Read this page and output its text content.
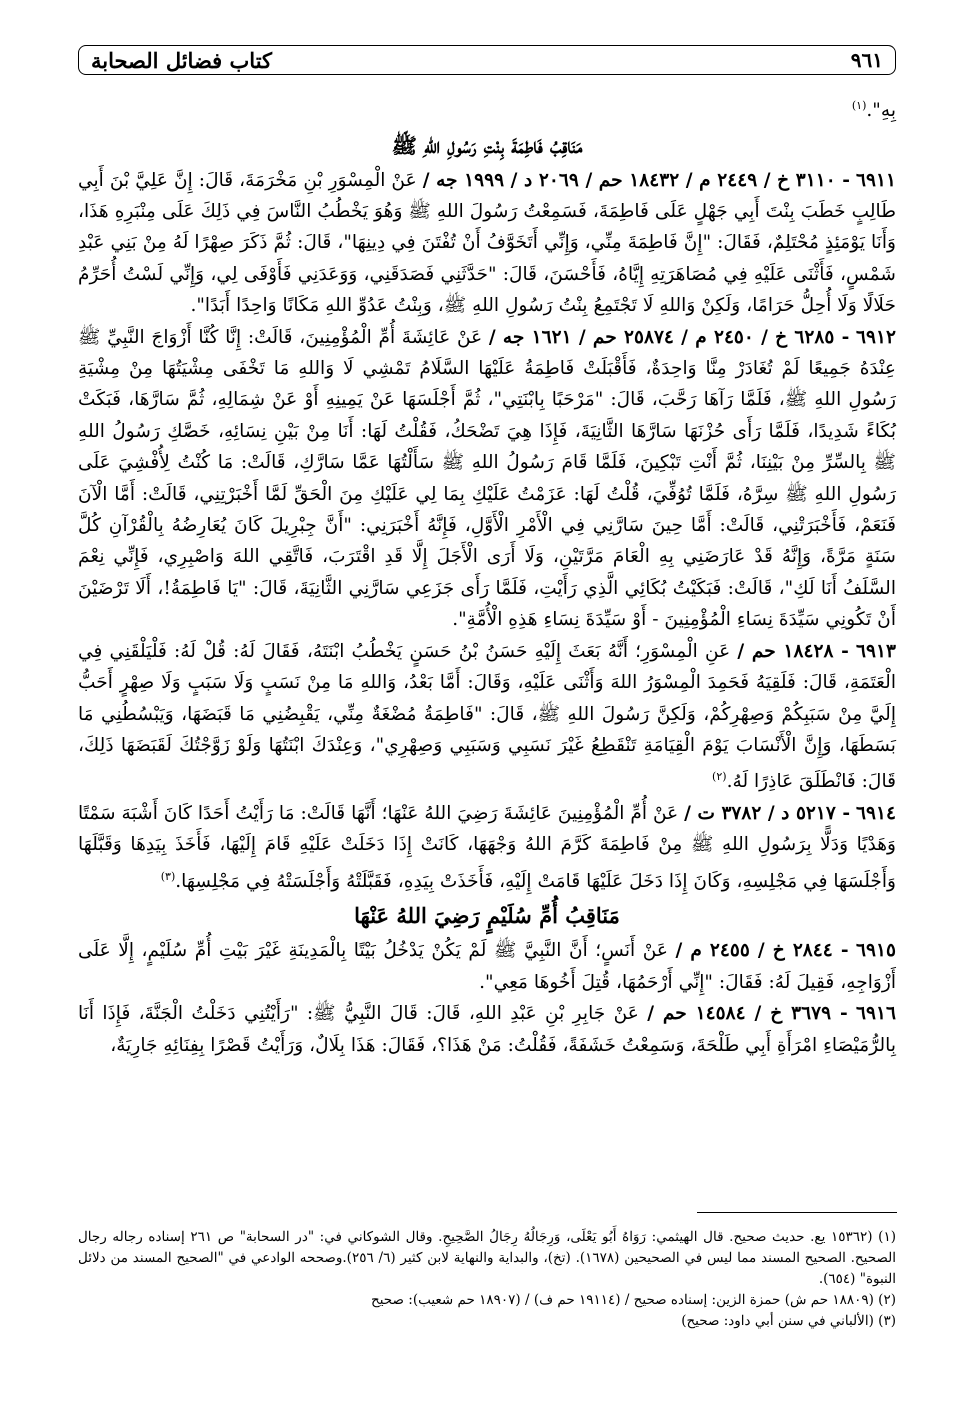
كتاب فضائل الصحابة	٩٦١

بِهِ".$^{(١)}$

مَنَاقِبُ فَاطِمَةَ بِنْتِ رَسُولِ اللهِ ﷺ

٦٩١١ - ٣١١٠ خ / ٢٤٤٩ م / ١٨٤٣٢ حم / ٢٠٦٩ د / ١٩٩٩ جه / عَنْ الْمِسْوَرِ بْنِ مَخْرَمَةَ، قَالَ: إِنَّ عَلِيَّ بْنَ أَبِي طَالِبٍ خَطَبَ بِنْتَ أَبِي جَهْلٍ عَلَى فَاطِمَةَ، فَسَمِعْتُ رَسُولَ اللهِ ﷺ وَهُوَ يَخْطُبُ النَّاسَ فِي ذَلِكَ عَلَى مِنْبَرِهِ هَذَا، وَأَنَا يَوْمَئِذٍ مُحْتَلِمٌ، فَقَالَ: "إِنَّ فَاطِمَةَ مِنِّي، وَإِنِّي أَتَخَوَّفُ أَنْ تُفْتَنَ فِي دِينِهَا"، قَالَ: ثُمَّ ذَكَرَ صِهْرًا لَهُ مِنْ بَنِي عَبْدِ شَمْسٍ، فَأَثْنَى عَلَيْهِ فِي مُصَاهَرَتِهِ إِيَّاهُ، فَأَحْسَنَ، قَالَ: "حَدَّثَنِي فَصَدَقَنِي، وَوَعَدَنِي فَأَوْفَى لِي، وَإِنِّي لَسْتُ أُحَرِّمُ حَلَالًا وَلَا أُحِلُّ حَرَامًا، وَلَكِنْ وَاللهِ لَا تَجْتَمِعُ بِنْتُ رَسُولِ اللهِ ﷺ، وَبِنْتُ عَدُوِّ اللهِ مَكَانًا وَاحِدًا أَبَدًا".

٦٩١٢ - ٦٢٨٥ خ / ٢٤٥٠ م / ٢٥٨٧٤ حم / ١٦٢١ جه / عَنْ عَائِشَةَ أُمِّ الْمُؤْمِنِينَ، قَالَتْ: إِنَّا كُنَّا أَزْوَاجَ النَّبِيِّ ﷺ عِنْدَهُ جَمِيعًا لَمْ تُغَادَرْ مِنَّا وَاحِدَةٌ، فَأَقْبَلَتْ فَاطِمَةُ عَلَيْهَا السَّلَامُ تَمْشِي لَا وَاللهِ مَا تَخْفَى مِشْيَتُهَا مِنْ مِشْيَةِ رَسُولِ اللهِ ﷺ، فَلَمَّا رَآهَا رَحَّبَ، قَالَ: "مَرْحَبًا بِابْنَتِي"، ثُمَّ أَجْلَسَهَا عَنْ يَمِينِهِ أَوْ عَنْ شِمَالِهِ، ثُمَّ سَارَّهَا، فَبَكَتْ بُكَاءً شَدِيدًا، فَلَمَّا رَأَى حُزْنَهَا سَارَّهَا الثَّانِيَةَ، فَإِذَا هِيَ تَضْحَكُ، فَقُلْتُ لَهَا: أَنَا مِنْ بَيْنِ نِسَائِهِ، خَصَّكِ رَسُولُ اللهِ ﷺ بِالسِّرِّ مِنْ بَيْنِنَا، ثُمَّ أَنْتِ تَبْكِينَ، فَلَمَّا قَامَ رَسُولُ اللهِ ﷺ سَأَلْتُهَا عَمَّا سَارَّكِ، قَالَتْ: مَا كُنْتُ لِأُفْشِيَ عَلَى رَسُولِ اللهِ ﷺ سِرَّهُ، فَلَمَّا تُوُفِّيَ، قُلْتُ لَهَا: عَزَمْتُ عَلَيْكِ بِمَا لِي عَلَيْكِ مِنَ الْحَقِّ لَمَّا أَخْبَرْتِنِي، قَالَتْ: أَمَّا الْآنَ فَنَعَمْ، فَأَخْبَرَتْنِي، قَالَتْ: أَمَّا حِينَ سَارَّنِي فِي الْأَمْرِ الْأَوَّلِ، فَإِنَّهُ أَخْبَرَنِي: "أَنَّ جِبْرِيلَ كَانَ يُعَارِضُهُ بِالْقُرْآنِ كُلَّ سَنَةٍ مَرَّةً، وَإِنَّهُ قَدْ عَارَضَنِي بِهِ الْعَامَ مَرَّتَيْنِ، وَلَا أَرَى الْأَجَلَ إِلَّا قَدِ اقْتَرَبَ، فَاتَّقِي اللهَ وَاصْبِرِي، فَإِنِّي نِعْمَ السَّلَفُ أَنَا لَكِ"، قَالَتْ: فَبَكَيْتُ بُكَائِي الَّذِي رَأَيْتِ، فَلَمَّا رَأَى جَزَعِي سَارَّنِي الثَّانِيَةَ، قَالَ: "يَا فَاطِمَةُ!، أَلَا تَرْضَيْنَ أَنْ تَكُونِي سَيِّدَةَ نِسَاءِ الْمُؤْمِنِينَ - أَوْ سَيِّدَةَ نِسَاءِ هَذِهِ الْأُمَّةِ".

٦٩١٣ - ١٨٤٢٨ حم / عَنِ الْمِسْوَرِ؛ أَنَّهُ بَعَثَ إِلَيْهِ حَسَنُ بْنُ حَسَنٍ يَخْطُبُ ابْنَتَهُ، فَقَالَ لَهُ: قُلْ لَهُ: فَلْيَلْقَنِي فِي الْعَتَمَةِ، قَالَ: فَلَقِيَهُ فَحَمِدَ الْمِسْوَرُ اللهَ وَأَثْنَى عَلَيْهِ، وَقَالَ: أَمَّا بَعْدُ، وَاللهِ مَا مِنْ نَسَبٍ وَلَا سَبَبٍ وَلَا صِهْرٍ أَحَبُّ إِلَيَّ مِنْ سَبَبِكُمْ وَصِهْرِكُمْ، وَلَكِنَّ رَسُولَ اللهِ ﷺ، قَالَ: "فَاطِمَةُ مُضْغَةٌ مِنِّي، يَقْبِضُنِي مَا قَبَضَهَا، وَيَبْسُطُنِي مَا بَسَطَهَا، وَإِنَّ الْأَنْسَابَ يَوْمَ الْقِيَامَةِ تَنْقَطِعُ غَيْرَ نَسَبِي وَسَبَبِي وَصِهْرِي"، وَعِنْدَكَ ابْنَتُهَا وَلَوْ زَوَّجْتُكَ لَقَبَضَهَا ذَلِكَ، قَالَ: فَانْطَلَقَ عَاذِرًا لَهُ.$^{(٢)}$

٦٩١٤ - ٥٢١٧ د / ٣٧٨٢ ت / عَنْ أُمِّ الْمُؤْمِنِينَ عَائِشَةَ رَضِيَ اللهُ عَنْهَا؛ أَنَّهَا قَالَتْ: مَا رَأَيْتُ أَحَدًا كَانَ أَشْبَهَ سَمْتًا وَهَدْيًا وَدَلًّا بِرَسُولِ اللهِ ﷺ مِنْ فَاطِمَةَ كَرَّمَ اللهُ وَجْهَهَا، كَانَتْ إِذَا دَخَلَتْ عَلَيْهِ قَامَ إِلَيْهَا، فَأَخَذَ بِيَدِهَا وَقَبَّلَهَا وَأَجْلَسَهَا فِي مَجْلِسِهِ، وَكَانَ إِذَا دَخَلَ عَلَيْهَا قَامَتْ إِلَيْهِ، فَأَخَذَتْ بِيَدِهِ، فَقَبَّلَتْهُ وَأَجْلَسَتْهُ فِي مَجْلِسِهَا.$^{(٣)}$

مَنَاقِبُ أُمِّ سُلَيْمٍ رَضِيَ اللهُ عَنْهَا

٦٩١٥ - ٢٨٤٤ خ / ٢٤٥٥ م / عَنْ أَنَسٍ؛ أَنَّ النَّبِيَّ ﷺ لَمْ يَكُنْ يَدْخُلُ بَيْتًا بِالْمَدِينَةِ غَيْرَ بَيْتِ أُمِّ سُلَيْمٍ، إِلَّا عَلَى أَزْوَاجِهِ، فَقِيلَ لَهُ: فَقَالَ: "إِنِّي أَرْحَمُهَا، قُتِلَ أَخُوهَا مَعِي".

٦٩١٦ - ٣٦٧٩ خ / ١٤٥٨٤ حم / عَنْ جَابِرِ بْنِ عَبْدِ اللهِ، قَالَ: قَالَ النَّبِيُّ ﷺ: "رَأَيْتُنِي دَخَلْتُ الْجَنَّةَ، فَإِذَا أَنَا بِالرُّمَيْصَاءِ امْرَأَةِ أَبِي طَلْحَةَ، وَسَمِعْتُ خَشَفَةً، فَقُلْتُ: مَنْ هَذَا؟، فَقَالَ: هَذَا بِلَالٌ، وَرَأَيْتُ قَصْرًا بِفِنَائِهِ جَارِيَةٌ،

(١) (١٥٣٦٢ يع. حديث صحيح. قال الهيثمي: رَوَاهُ أَبُو يَعْلَى، وَرِجَالُهُ رِجَالُ الصَّحِيحِ. وقال الشوكاني في: "در السحابة" ص ٢٦١ إسناده رجاله رجال الصحيح. الصحيح المسند مما ليس في الصحيحين (١٦٧٨). (تخ)، والبداية والنهاية لابن كثير (٦/ ٢٥٦).وصححه الوادعي في "الصحيح المسند من دلائل النبوة" (٦٥٤).

(٢) (١٨٨٠٩ حم ش) حمزة الزين: إسناده صحيح / (١٩١١٤ حم ف) / (١٨٩٠٧ حم شعيب): صحيح

(٣) (الألباني في سنن أبي داود: صحيح)
